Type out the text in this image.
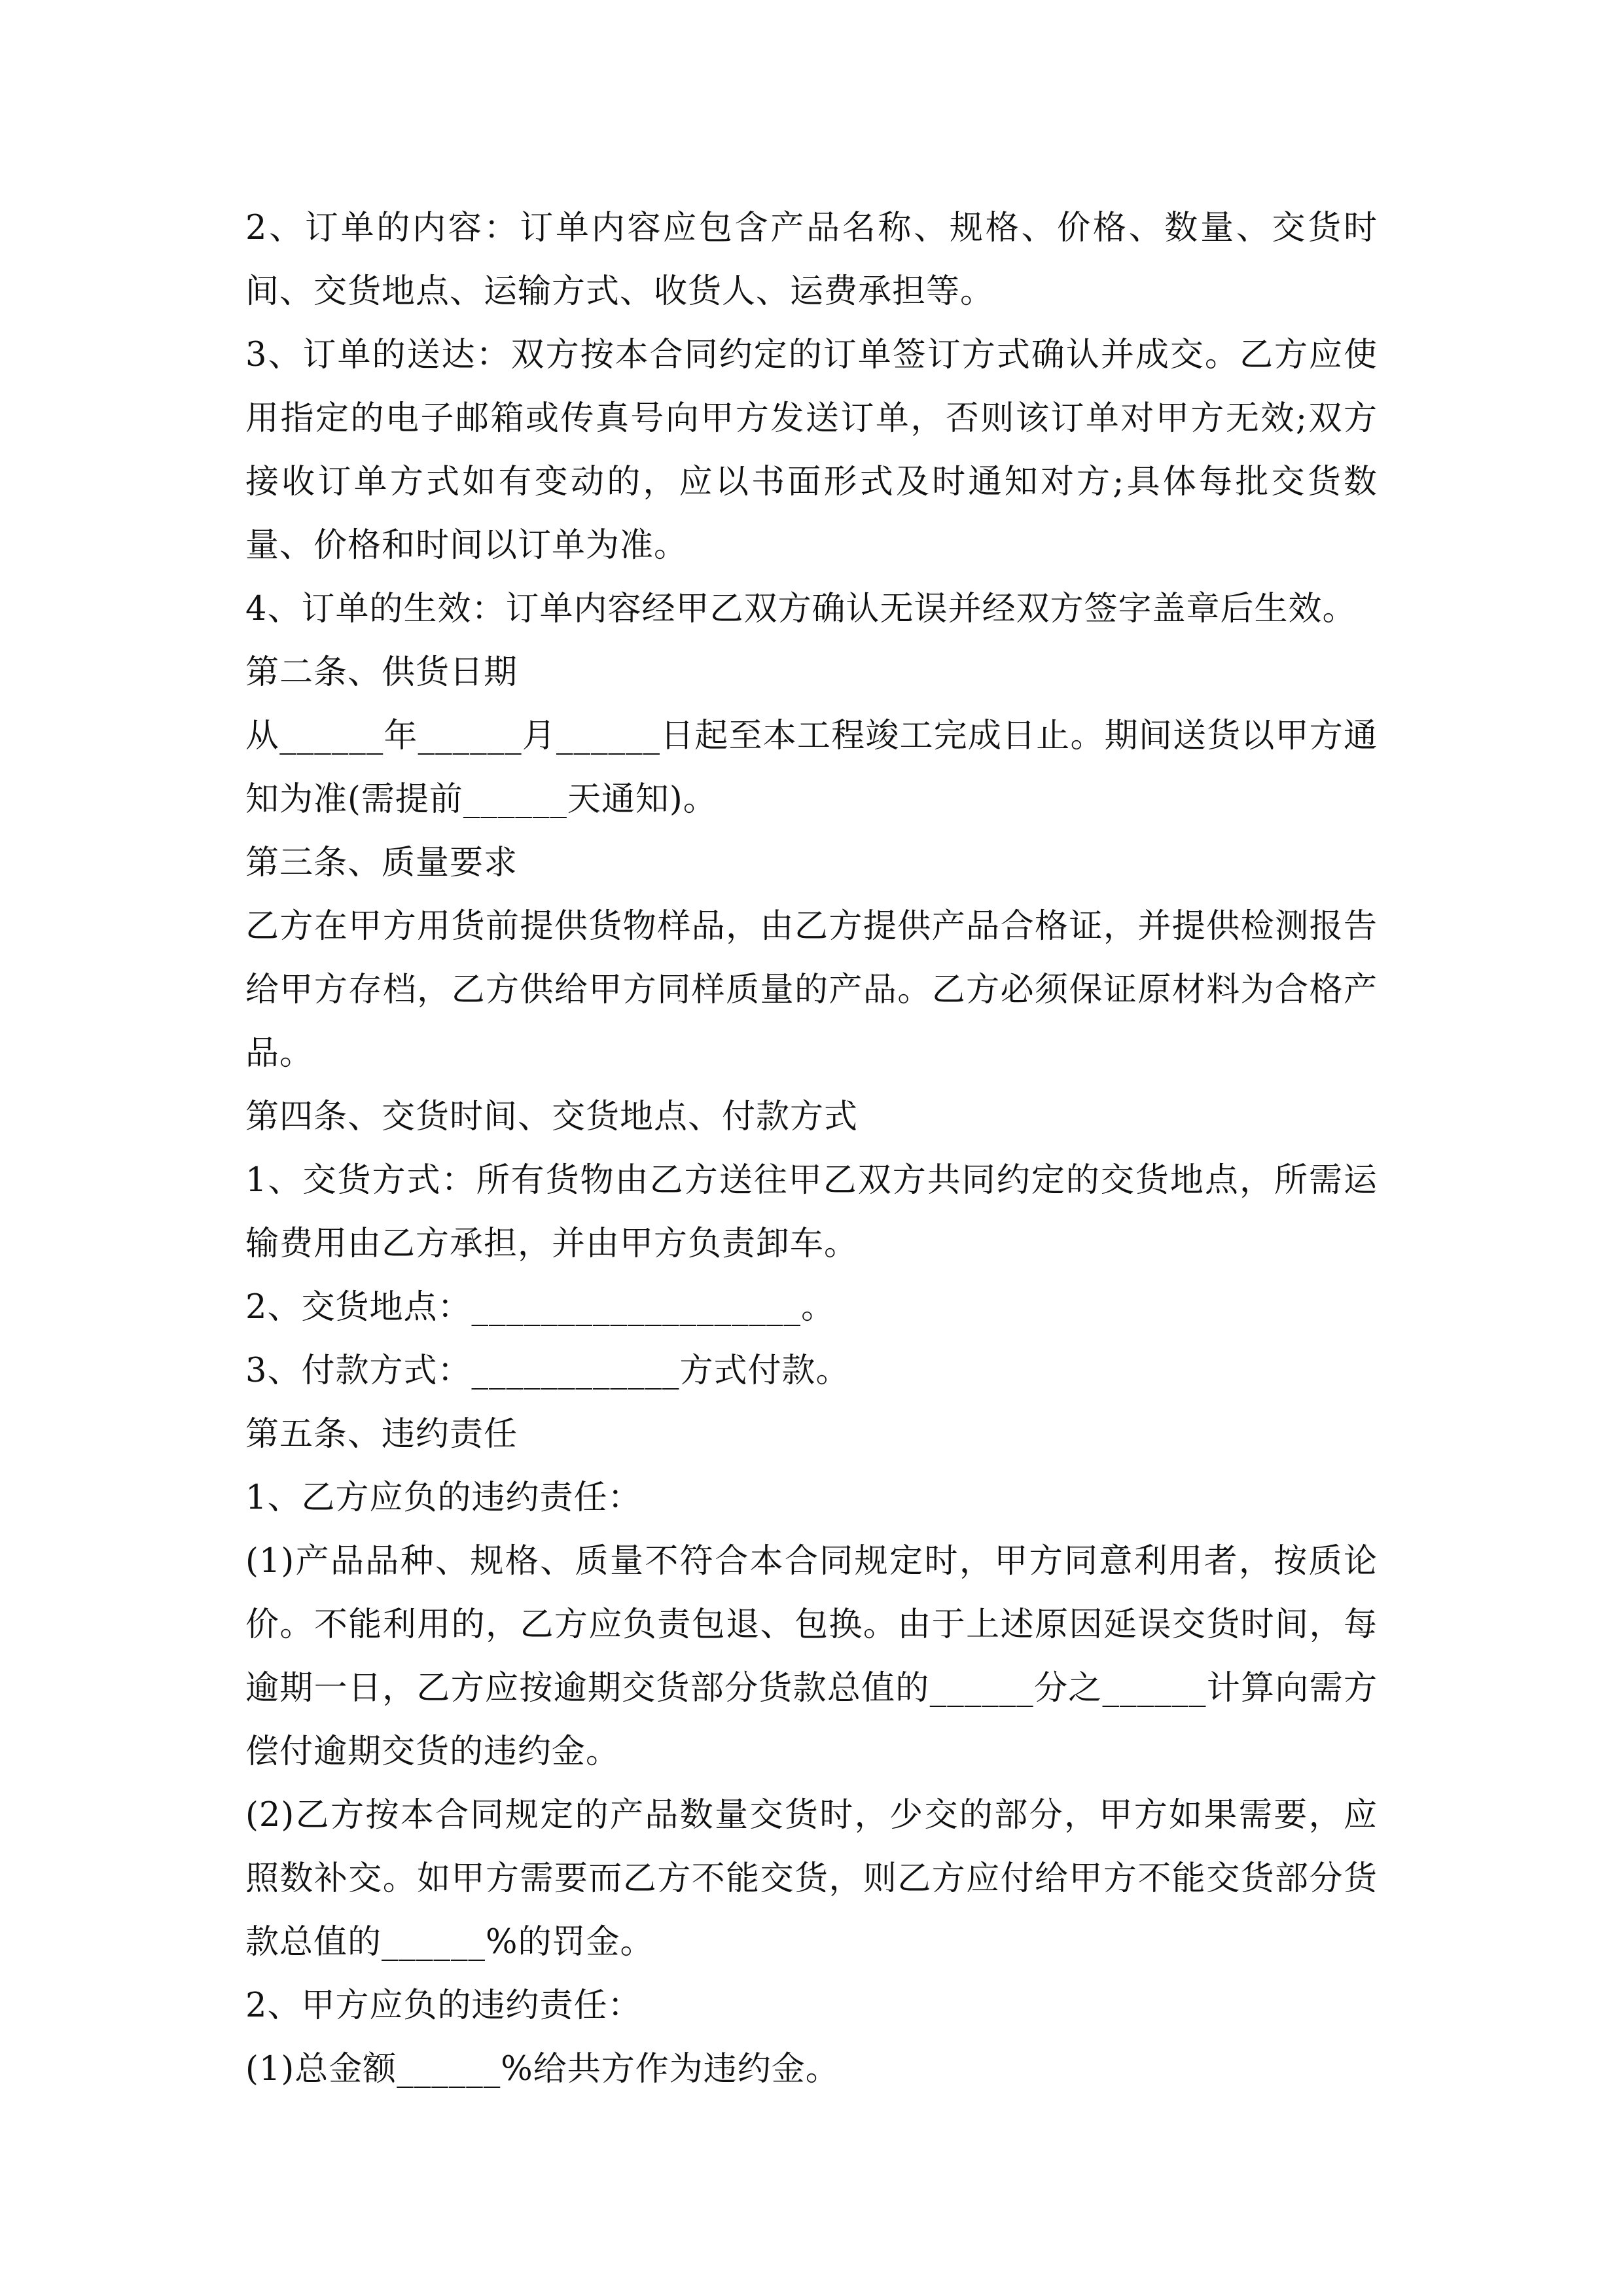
2、订单的内容：订单内容应包含产品名称、规格、价格、数量、交货时间、交货地点、运输方式、收货人、运费承担等。

3、订单的送达：双方按本合同约定的订单签订方式确认并成交。乙方应使用指定的电子邮箱或传真号向甲方发送订单，否则该订单对甲方无效;双方接收订单方式如有变动的，应以书面形式及时通知对方;具体每批交货数量、价格和时间以订单为准。

4、订单的生效：订单内容经甲乙双方确认无误并经双方签字盖章后生效。

第二条、供货日期

从______年______月______日起至本工程竣工完成日止。期间送货以甲方通知为准(需提前______天通知)。

第三条、质量要求

乙方在甲方用货前提供货物样品，由乙方提供产品合格证，并提供检测报告给甲方存档，乙方供给甲方同样质量的产品。乙方必须保证原材料为合格产品。

第四条、交货时间、交货地点、付款方式

1、交货方式：所有货物由乙方送往甲乙双方共同约定的交货地点，所需运输费用由乙方承担，并由甲方负责卸车。

2、交货地点：___________________。

3、付款方式：____________方式付款。

第五条、违约责任

1、乙方应负的违约责任：

(1)产品品种、规格、质量不符合本合同规定时，甲方同意利用者，按质论价。不能利用的，乙方应负责包退、包换。由于上述原因延误交货时间，每逾期一日，乙方应按逾期交货部分货款总值的______分之______计算向需方偿付逾期交货的违约金。

(2)乙方按本合同规定的产品数量交货时，少交的部分，甲方如果需要，应照数补交。如甲方需要而乙方不能交货，则乙方应付给甲方不能交货部分货款总值的______%的罚金。

2、甲方应负的违约责任：

(1)总金额______%给共方作为违约金。
